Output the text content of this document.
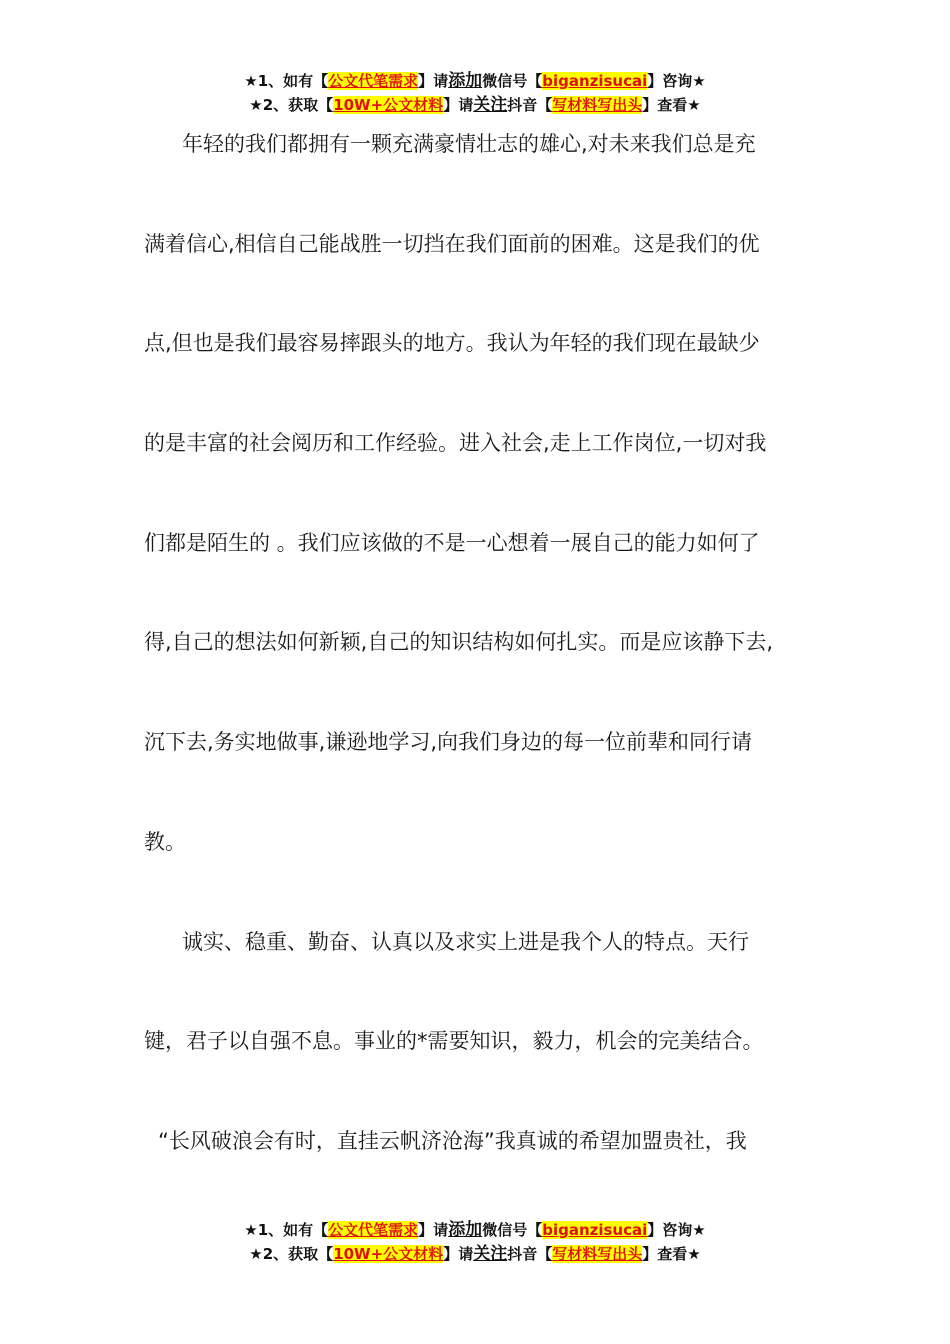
★1、如有【公文代笔需求】请添加微信号【biganzisucai】咨询★
★2、获取【10W+公文材料】请关注抖音【写材料写出头】查看★
年轻的我们都拥有一颗充满豪情壮志的雄心,对未来我们总是充
满着信心,相信自己能战胜一切挡在我们面前的困难。这是我们的优
点,但也是我们最容易摔跟头的地方。我认为年轻的我们现在最缺少
的是丰富的社会阅历和工作经验。进入社会,走上工作岗位,一切对我
们都是陌生的 。我们应该做的不是一心想着一展自己的能力如何了
得,自己的想法如何新颖,自己的知识结构如何扎实。而是应该静下去,
沉下去,务实地做事,谦逊地学习,向我们身边的每一位前辈和同行请
教。
诚实、稳重、勤奋、认真以及求实上进是我个人的特点。天行
键，君子以自强不息。事业的*需要知识，毅力，机会的完美结合。
“长风破浪会有时，直挂云帆济沧海”我真诚的希望加盟贵社，我
★1、如有【公文代笔需求】请添加微信号【biganzisucai】咨询★
★2、获取【10W+公文材料】请关注抖音【写材料写出头】查看★
